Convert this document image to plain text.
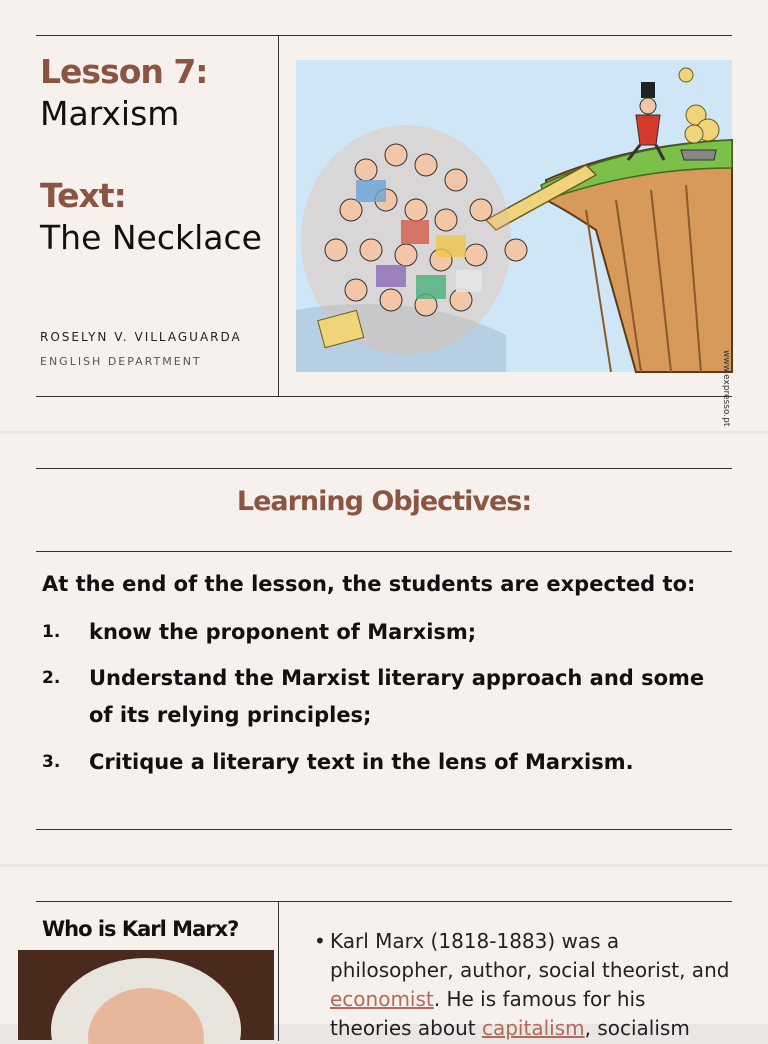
Lesson 7:
Marxism
Text:
The Necklace
ROSELYN V. VILLAGUARDA
ENGLISH DEPARTMENT	www.expresso.pt
Learning Objectives:
At the end of the lesson, the students are expected to:
1.	know the proponent of Marxism;
2.	Understand the Marxist literary approach and some of its relying principles;
3.	Critique a literary text in the lens of Marxism.
Who is Karl Marx?	• Karl Marx (1818-1883) was a philosopher, author, social theorist, and economist. He is famous for his theories about capitalism, socialism
